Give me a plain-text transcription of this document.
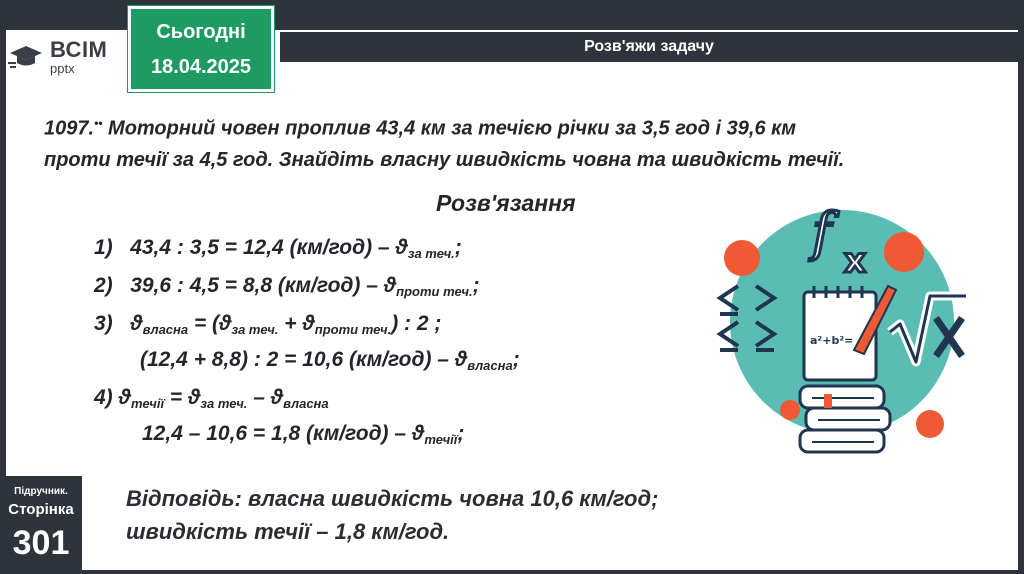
ВСІМ
pptx
Сьогодні
18.04.2025
Розв'яжи задачу
1097.•• Моторний човен проплив 43,4 км за течією річки за 3,5 год і 39,6 км
проти течії за 4,5 год. Знайдіть власну швидкість човна та швидкість течії.
Розв'язання
1) 43,4 : 3,5 = 12,4 $(км/год) - ϑ_{за теч.}$;
2) 39,6 : 4,5 = 8,8 $(км/год) - ϑ_{проти теч.}$;
3) $ϑ_{власна} = (ϑ_{за теч.} + ϑ_{проти теч.})$ : 2 ;
(12,4 + 8,8) : 2 = 10,6 $(км/год) - ϑ_{власна}$;
4) $ϑ_{течії} = ϑ_{за теч.} - ϑ_{власна}$
12,4 – 10,6 = 1,8 $(км/год) - ϑ_{течії}$;
Відповідь: власна швидкість човна 10,6 км/год;
швидкість течії – 1,8 км/год.
Підручник.
Сторінка
301
f x
a²+b²=
